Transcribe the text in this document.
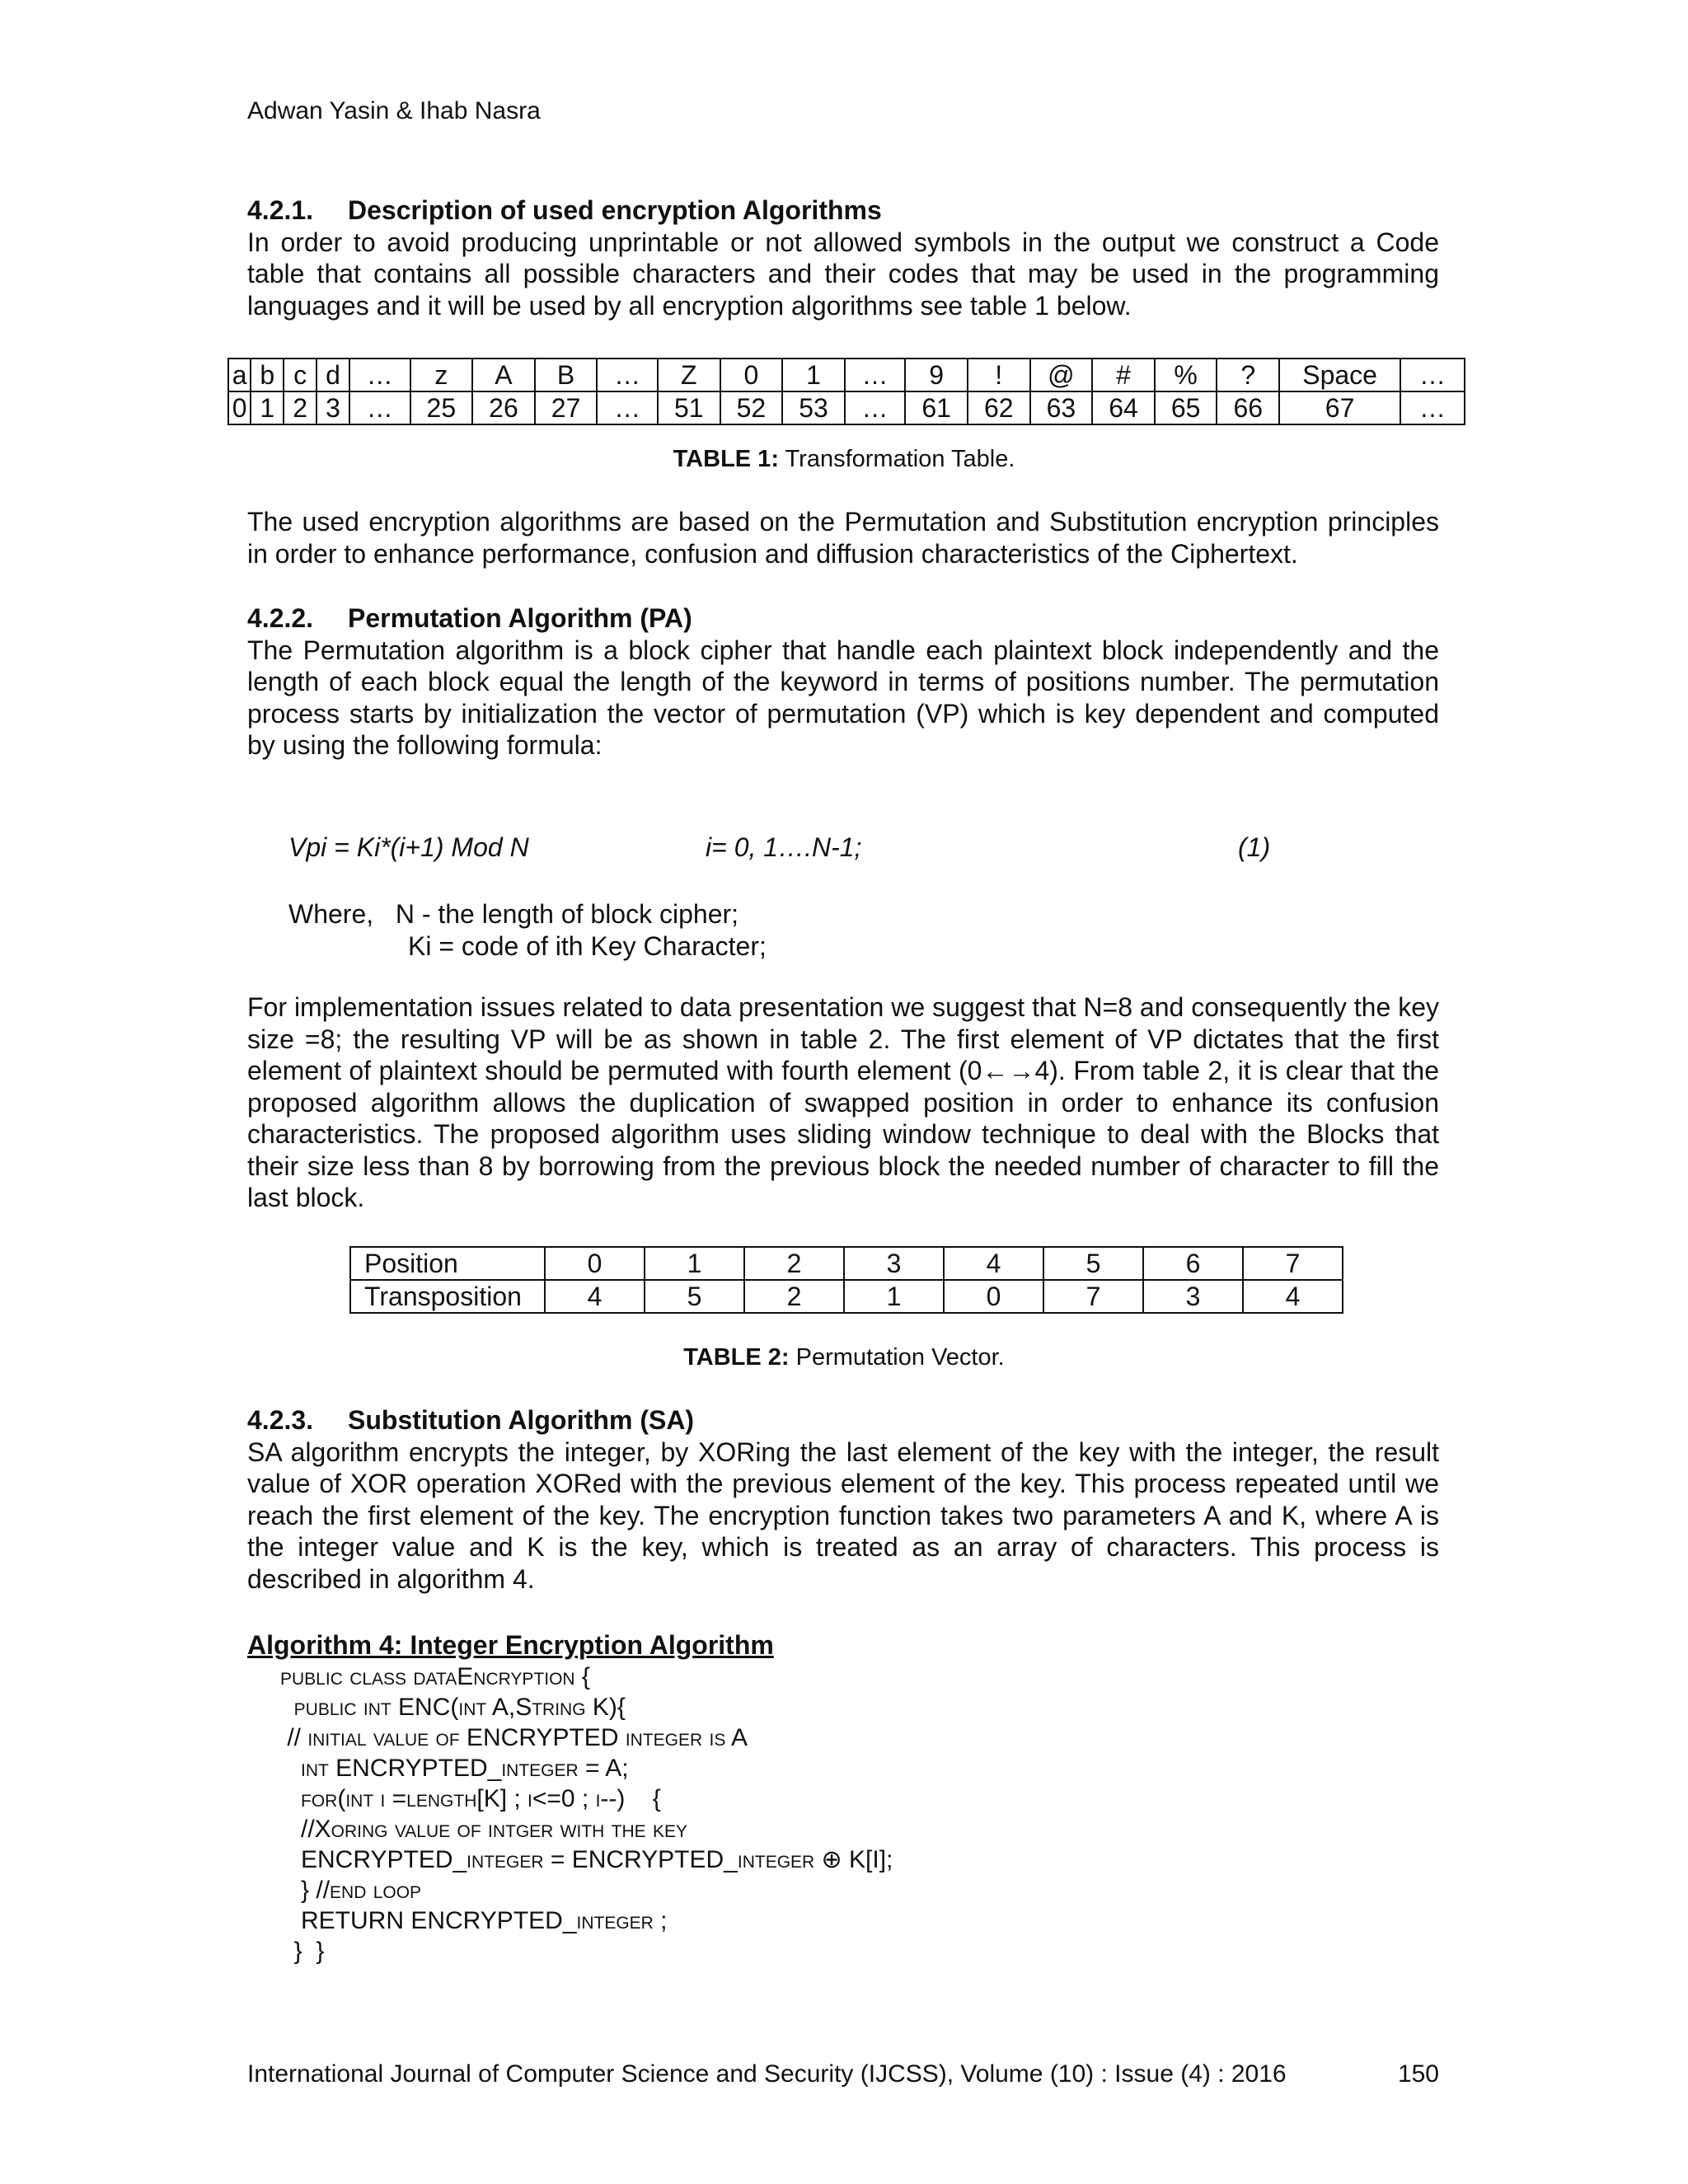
Adwan Yasin & Ihab Nasra
4.2.1. Description of used encryption Algorithms

In order to avoid producing unprintable or not allowed symbols in the output we construct a Code table that contains all possible characters and their codes that may be used in the programming languages and it will be used by all encryption algorithms see table 1 below.

a	b	c	d	…	z	A	B	…	Z	0	1	…	9	!	@	#	%	?	Space	…
0	1	2	3	…	25	26	27	…	51	52	53	…	61	62	63	64	65	66	67	…
TABLE 1: Transformation Table.

The used encryption algorithms are based on the Permutation and Substitution encryption principles in order to enhance performance, confusion and diffusion characteristics of the Ciphertext.

4.2.2. Permutation Algorithm (PA)

The Permutation algorithm is a block cipher that handle each plaintext block independently and the length of each block equal the length of the keyword in terms of positions number. The permutation process starts by initialization the vector of permutation (VP) which is key dependent and computed by using the following formula:

Vpi = Ki*(i+1) Mod N	i= 0, 1….N-1;	(1)
Where,   N - the length of block cipher;
Ki = code of ith Key Character;

For implementation issues related to data presentation we suggest that N=8 and consequently the key size =8; the resulting VP will be as shown in table 2. The first element of VP dictates that the first element of plaintext should be permuted with fourth element (0←→4). From table 2, it is clear that the proposed algorithm allows the duplication of swapped position in order to enhance its confusion characteristics. The proposed algorithm uses sliding window technique to deal with the Blocks that their size less than 8 by borrowing from the previous block the needed number of character to fill the last block.

Position	0	1	2	3	4	5	6	7
Transposition	4	5	2	1	0	7	3	4
TABLE 2: Permutation Vector.
4.2.3. Substitution Algorithm (SA)

SA algorithm encrypts the integer, by XORing the last element of the key with the integer, the result value of XOR operation XORed with the previous element of the key. This process repeated until we reach the first element of the key. The encryption function takes two parameters A and K, where A is the integer value and K is the key, which is treated as an array of characters. This process is described in algorithm 4.

Algorithm 4: Integer Encryption Algorithm
public class dataEncryption {
public int ENC(int A,String K){
// initial value of ENCRYPTED integer is A
int ENCRYPTED_integer = A;
for(int i =length[K] ; i<=0 ; i--)    {
//Xoring value of intger with the key
ENCRYPTED_integer = ENCRYPTED_integer ⊕ K[I];
} //end loop
RETURN ENCRYPTED_integer ;
}  }
International Journal of Computer Science and Security (IJCSS), Volume (10) : Issue (4) : 2016	150
